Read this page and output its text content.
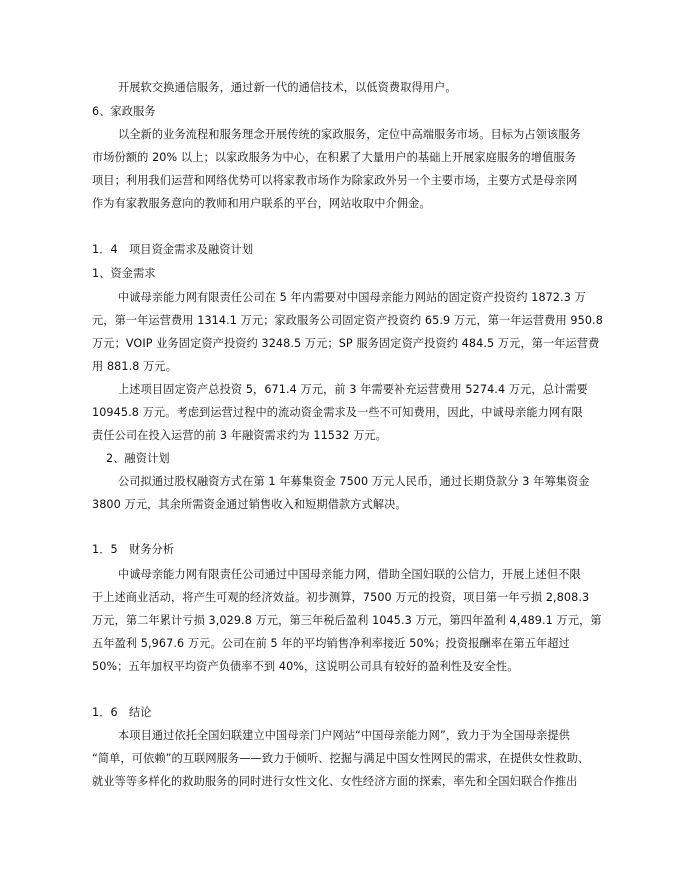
开展软交换通信服务，通过新一代的通信技术，以低资费取得用户。
6、家政服务
以全新的业务流程和服务理念开展传统的家政服务，定位中高端服务市场。目标为占领该服务
市场份额的 20% 以上；以家政服务为中心，在积累了大量用户的基础上开展家庭服务的增值服务
项目；利用我们运营和网络优势可以将家教市场作为除家政外另一个主要市场，主要方式是母亲网
作为有家教服务意向的教师和用户联系的平台，网站收取中介佣金。
1．4　项目资金需求及融资计划
1、资金需求
中诚母亲能力网有限责任公司在 5 年内需要对中国母亲能力网站的固定资产投资约 1872.3 万
元，第一年运营费用 1314.1 万元；家政服务公司固定资产投资约 65.9 万元，第一年运营费用 950.8
万元；VOIP 业务固定资产投资约 3248.5 万元；SP 服务固定资产投资约 484.5 万元，第一年运营费
用 881.8 万元。
上述项目固定资产总投资 5，671.4 万元，前 3 年需要补充运营费用 5274.4 万元，总计需要
10945.8 万元。考虑到运营过程中的流动资金需求及一些不可知费用，因此，中诚母亲能力网有限
责任公司在投入运营的前 3 年融资需求约为 11532 万元。
2、融资计划
公司拟通过股权融资方式在第 1 年募集资金 7500 万元人民币，通过长期贷款分 3 年筹集资金
3800 万元，其余所需资金通过销售收入和短期借款方式解决。
1．5　财务分析
中诚母亲能力网有限责任公司通过中国母亲能力网，借助全国妇联的公信力，开展上述但不限
于上述商业活动，将产生可观的经济效益。初步测算，7500 万元的投资，项目第一年亏损 2,808.3
万元，第二年累计亏损 3,029.8 万元，第三年税后盈利 1045.3 万元，第四年盈利 4,489.1 万元，第
五年盈利 5,967.6 万元。公司在前 5 年的平均销售净利率接近 50%；投资报酬率在第五年超过
50%；五年加权平均资产负债率不到 40%，这说明公司具有较好的盈利性及安全性。
1．6　结论
本项目通过依托全国妇联建立中国母亲门户网站“中国母亲能力网”，致力于为全国母亲提供
“简单，可依赖”的互联网服务——致力于倾听、挖掘与满足中国女性网民的需求，在提供女性救助、
就业等等多样化的救助服务的同时进行女性文化、女性经济方面的探索，率先和全国妇联合作推出
